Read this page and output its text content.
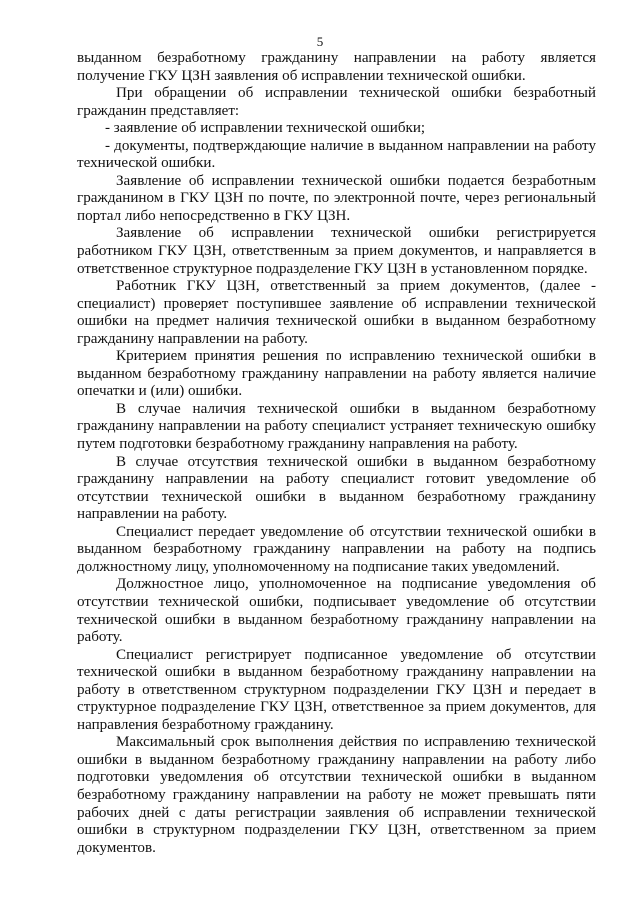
5

выданном безработному гражданину направлении на работу является получение ГКУ ЦЗН заявления об исправлении технической ошибки.

При обращении об исправлении технической ошибки безработный гражданин представляет:

- заявление об исправлении технической ошибки;

- документы, подтверждающие наличие в выданном направлении на работу технической ошибки.

Заявление об исправлении технической ошибки подается безработным гражданином в ГКУ ЦЗН по почте, по электронной почте, через региональный портал либо непосредственно в ГКУ ЦЗН.

Заявление об исправлении технической ошибки регистрируется работником ГКУ ЦЗН, ответственным за прием документов, и направляется в ответственное структурное подразделение ГКУ ЦЗН в установленном порядке.

Работник ГКУ ЦЗН, ответственный за прием документов, (далее - специалист) проверяет поступившее заявление об исправлении технической ошибки на предмет наличия технической ошибки в выданном безработному гражданину направлении на работу.

Критерием принятия решения по исправлению технической ошибки в выданном безработному гражданину направлении на работу является наличие опечатки и (или) ошибки.

В случае наличия технической ошибки в выданном безработному гражданину направлении на работу специалист устраняет техническую ошибку путем подготовки безработному гражданину направления на работу.

В случае отсутствия технической ошибки в выданном безработному гражданину направлении на работу специалист готовит уведомление об отсутствии технической ошибки в выданном безработному гражданину направлении на работу.

Специалист передает уведомление об отсутствии технической ошибки в выданном безработному гражданину направлении на работу на подпись должностному лицу, уполномоченному на подписание таких уведомлений.

Должностное лицо, уполномоченное на подписание уведомления об отсутствии технической ошибки, подписывает уведомление об отсутствии технической ошибки в выданном безработному гражданину направлении на работу.

Специалист регистрирует подписанное уведомление об отсутствии технической ошибки в выданном безработному гражданину направлении на работу в ответственном структурном подразделении ГКУ ЦЗН и передает в структурное подразделение ГКУ ЦЗН, ответственное за прием документов, для направления безработному гражданину.

Максимальный срок выполнения действия по исправлению технической ошибки в выданном безработному гражданину направлении на работу либо подготовки уведомления об отсутствии технической ошибки в выданном безработному гражданину направлении на работу не может превышать пяти рабочих дней с даты регистрации заявления об исправлении технической ошибки в структурном подразделении ГКУ ЦЗН, ответственном за прием документов.
